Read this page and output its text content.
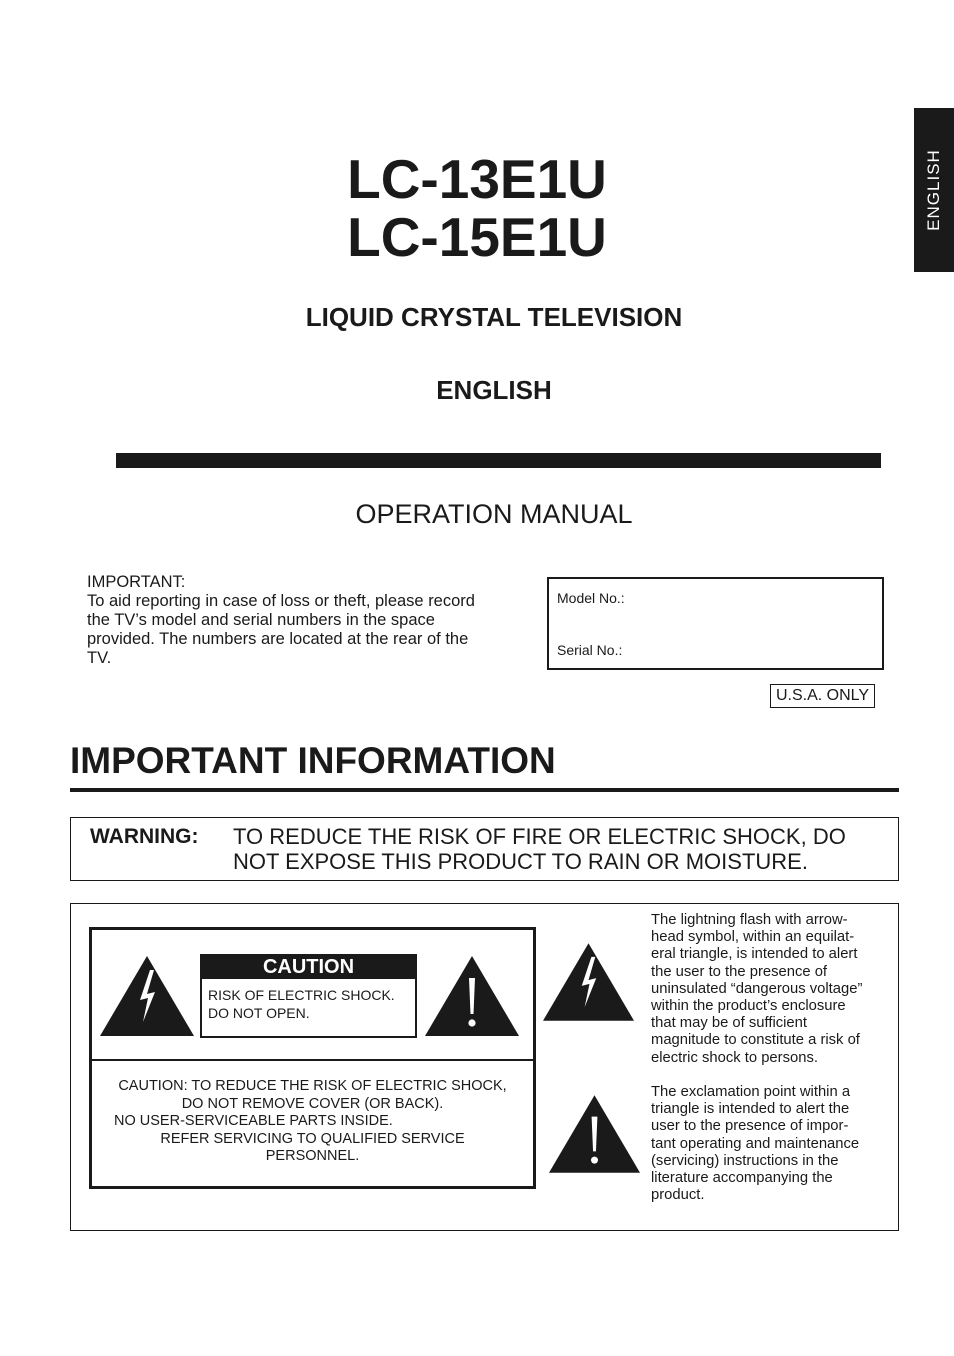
ENGLISH
LC-13E1U
LC-15E1U
LIQUID CRYSTAL TELEVISION
ENGLISH
OPERATION MANUAL
IMPORTANT:
To aid reporting in case of loss or theft, please record the TV’s model and serial numbers in the space provided. The numbers are located at the rear of the TV.
Model No.:
Serial No.:
U.S.A. ONLY
IMPORTANT INFORMATION
WARNING: TO REDUCE THE RISK OF FIRE OR ELECTRIC SHOCK, DO NOT EXPOSE THIS PRODUCT TO RAIN OR MOISTURE.
CAUTION
RISK OF ELECTRIC SHOCK.
DO NOT OPEN.
CAUTION: TO REDUCE THE RISK OF ELECTRIC SHOCK,
DO NOT REMOVE COVER (OR BACK).
NO USER-SERVICEABLE PARTS INSIDE.
REFER SERVICING TO QUALIFIED SERVICE
PERSONNEL.
The lightning flash with arrow-
head symbol, within an equilat-
eral triangle, is intended to alert
the user to the presence of
uninsulated “dangerous voltage”
within the product’s enclosure
that may be of sufficient
magnitude to constitute a risk of
electric shock to persons.
The exclamation point within a
triangle is intended to alert the
user to the presence of impor-
tant operating and maintenance
(servicing) instructions in the
literature accompanying the
product.
